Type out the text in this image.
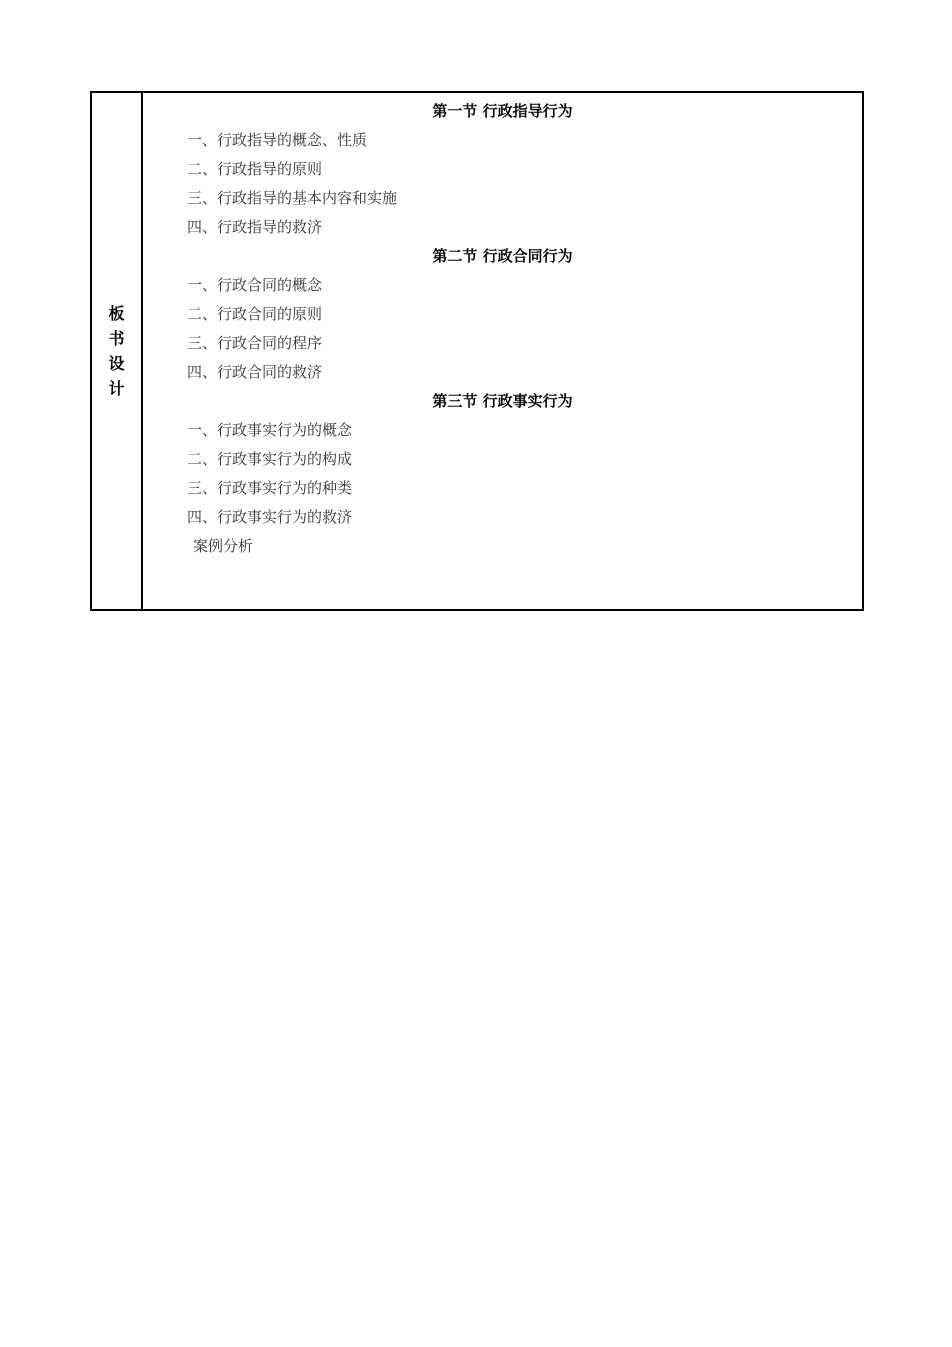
板书设计
第一节 行政指导行为
一、行政指导的概念、性质
二、行政指导的原则
三、行政指导的基本内容和实施
四、行政指导的救济
第二节 行政合同行为
一、行政合同的概念
二、行政合同的原则
三、行政合同的程序
四、行政合同的救济
第三节 行政事实行为
一、行政事实行为的概念
二、行政事实行为的构成
三、行政事实行为的种类
四、行政事实行为的救济
案例分析
